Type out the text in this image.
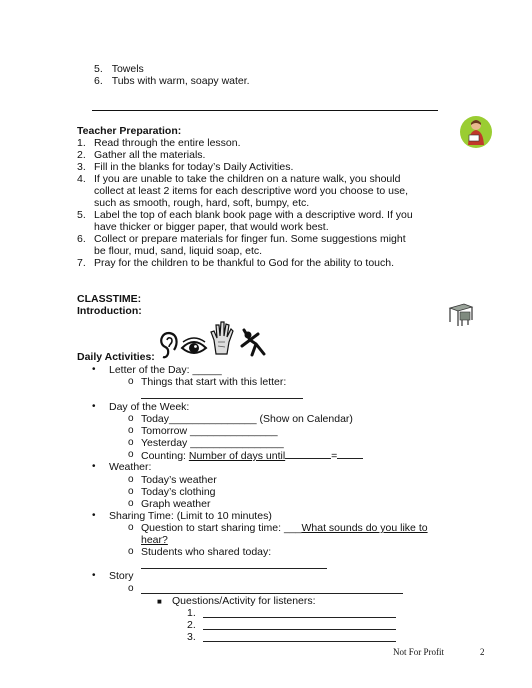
5. Towels
6. Tubs with warm, soapy water.
Teacher Preparation:
1. Read through the entire lesson.
2. Gather all the materials.
3. Fill in the blanks for today’s Daily Activities.
4. If you are unable to take the children on a nature walk, you should collect at least 2 items for each descriptive word you choose to use, such as smooth, rough, hard, soft, bumpy, etc.
5. Label the top of each blank book page with a descriptive word. If you have thicker or bigger paper, that would work best.
6. Collect or prepare materials for finger fun. Some suggestions might be flour, mud, sand, liquid soap, etc.
7. Pray for the children to be thankful to God for the ability to touch.
CLASSTIME:
Introduction:
Daily Activities:
• Letter of the Day: _____
o Things that start with this letter:
• Day of the Week:
o Today_______________ (Show on Calendar)
o Tomorrow _______________
o Yesterday ________________
o Counting: Number of days until	=
• Weather:
o Today’s weather
o Today’s clothing
o Graph weather
• Sharing Time: (Limit to 10 minutes)
o Question to start sharing time: ___What sounds do you like to
hear?
o Students who shared today:
• Story
o
■ Questions/Activity for listeners:
1.
2.
3.
Not For Profit	2
